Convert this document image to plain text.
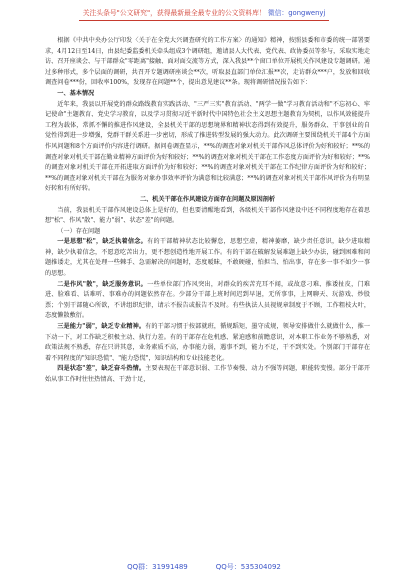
关注头条号"公文研究"，获得最新最全最专业的公文资料库！ 微信：gongwenyj

根据《中共中央办公厅印发〈关于在全党大兴调查研究的工作方案〉的通知》精神，按照县委和市委的统一部署要求，4月12日至14日，由县纪委监委机关牵头组成3个调研组，邀请县人大代表、党代表、政协委员等参与，采取实地走访、召开座谈会、与干部群众"零距离"接触、面对面交流等方式，深入我县**个窗口单位开展机关作风建设专题调研。通过多种形式，多个层面的调研，共召开专题调研座谈会**次，听取县直部门单位汇报**次，走访群众***户，发放和回收调查问卷***份，回收率100%，发现存在问题**个，提出意见建议**条。现将调研情况报告如下：

一、基本情况

近年来，我县以开展党的群众路线教育实践活动、"三严三实"教育活动、"两学一做"学习教育活动和"不忘初心、牢记使命"主题教育、党史学习教育，以及学习贯彻习近平新时代中国特色社会主义思想主题教育为契机，以作风效能提升工程为载体，常抓不懈的推进作风建设，全县机关干部的思想境界和精神状态得到有效提升，服务群众、干事创业的自觉性得到进一步增强，党群干群关系进一步密切，形成了推进转型发展的强大动力。此次调研主要围绕机关干部4个方面作风问题和8个方面评价内容进行调研。据问卷调查显示，**%的调查对象对机关干部作风总体评价为好和较好；**%的调查对象对机关干部在勤业精神方面评价为好和较好；**%的调查对象对机关干部在工作态度方面评价为好和较好；**%的调查对象对机关干部在开拓进取方面评价为好和较好；**%的调查对象对机关干部在工作纪律方面评价为好和较好；**%的调查对象对机关干部在为服务对象办事效率评价为满意和比较满意；**%的调查对象对机关干部作风评价为有明显好转和有所好转。

二、机关干部在作风建设方面存在问题及原因剖析

当前，我县机关干部作风建设总体上是好的，但也要清醒地看到，各级机关干部作风建设中还不同程度地存在着思想"松"、作风"散"、能力"弱"、状态"差"的问题。

（一）存在问题

一是思想"松"，缺乏执着信念。有的干部精神状态比较懈怠，思想空虚，精神萎靡，缺少责任意识，缺少进取精神，缺少执着信念，不愿意吃苦出力，更不想创造性地开展工作。有的干部在破解发展难题上缺少办法，碰到困难和问题推诿走，尤其在处理一些棘手、急需解决的问题时，态度暧昧，不敢硬碰，怕担当、怕出事，存在多一事不如少一事的思想。

二是作风"散"，缺乏服务意识。一些单位部门作风突出，对群众的疾苦充耳不闻，或故意刁难、推诿扯皮，门难进、脸难看、话难听、事难办的问题依然存在。少部分干部上班时间迟到早退，无所事事，上网聊天、玩游戏、炒股票；个别干部随心所欲，不讲组织纪律，请示不报告或报告不及时。有些执法人员视规章制度于不顾，工作粗枝大叶，态度懒散敷衍。

三是能力"弱"，缺乏专业精神。有的干部习惯于按部就班，循规蹈矩，墨守成规，领导安排做什么就做什么，推一下动一下，对工作缺乏积极主动、执行力差。有的干部存在危机感、紧迫感和前瞻意识，对本职工作业务不够熟悉，对政策法规不熟悉，存在只讲其意，业务素质不高，办事能力弱，遇事不到，能力不足，干不到实处。个别部门干部存在着不同程度的"知识恐慌"、"能力恐慌"，知识结构和专业技能老化。

四是状态"差"，缺乏奋斗热情。主要表现在干部意识弱、工作节奏慢、动力不强等问题，职能转变慢。部分干部开始从事工作时往往热情高、干劲十足，

QQ群：31991489	QQ号：535304092
